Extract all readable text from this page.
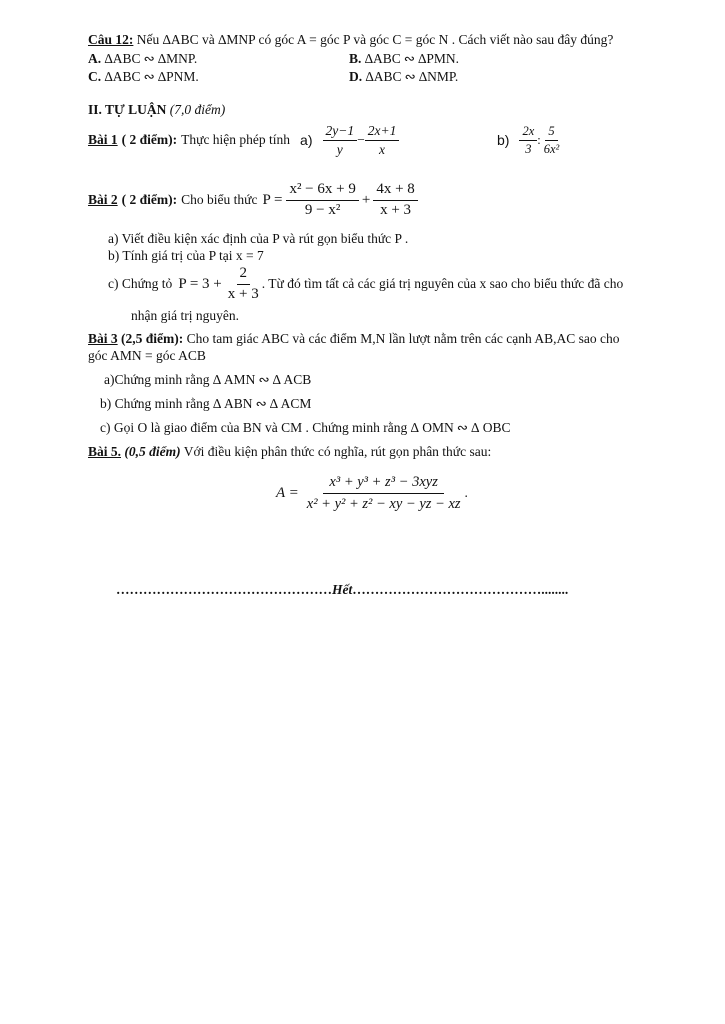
Câu 12: Nếu ∆ABC và ∆MNP có góc A = góc P và góc C = góc N . Cách viết nào sau đây đúng?
A. ∆ABC ∾ ∆MNP.	B. ∆ABC ∾ ∆PMN.
C. ∆ABC ∾ ∆PNM.	D. ∆ABC ∾ ∆NMP.
II. TỰ LUẬN (7,0 điểm)
Bài 1 ( 2 điểm): Thực hiện phép tính $a) \frac{2y-1}{y} - \frac{2x+1}{x}$	$b) \frac{2x}{3}$ : $\frac{5}{\text{6x²}}$
Bài 2 ( 2 điểm): Cho biểu thức $P = \frac{\text{x² − 6x + 9}}{\text{9 − x²}} + \frac{4x + 8}{x + 3}$
a) Viết điều kiện xác định của P và rút gọn biểu thức P .
b) Tính giá trị của P tại x = 7
c) Chứng tỏ $P = 3 + \frac{2}{x + 3}$ . Từ đó tìm tất cả các giá trị nguyên của x sao cho biểu thức đã cho
nhận giá trị nguyên.
Bài 3 (2,5 điểm): Cho tam giác ABC và các điểm M,N lần lượt nằm trên các cạnh AB,AC sao cho
góc AMN = góc ACB
a)Chứng minh rằng ∆ AMN ∾ ∆ ACB
b) Chứng minh rằng ∆ ABN ∾ ∆ ACM
c) Gọi O là giao điểm của BN và CM . Chứng minh rằng ∆ OMN ∾ ∆ OBC
Bài 5. (0,5 điểm) Với điều kiện phân thức có nghĩa, rút gọn phân thức sau:
$A = \frac{\text{x³ + y³ + z³ − 3xyz}}{\text{x² + y² + z² − xy − yz − xz}}$ .
…………………………………………Hết……………………………………........
